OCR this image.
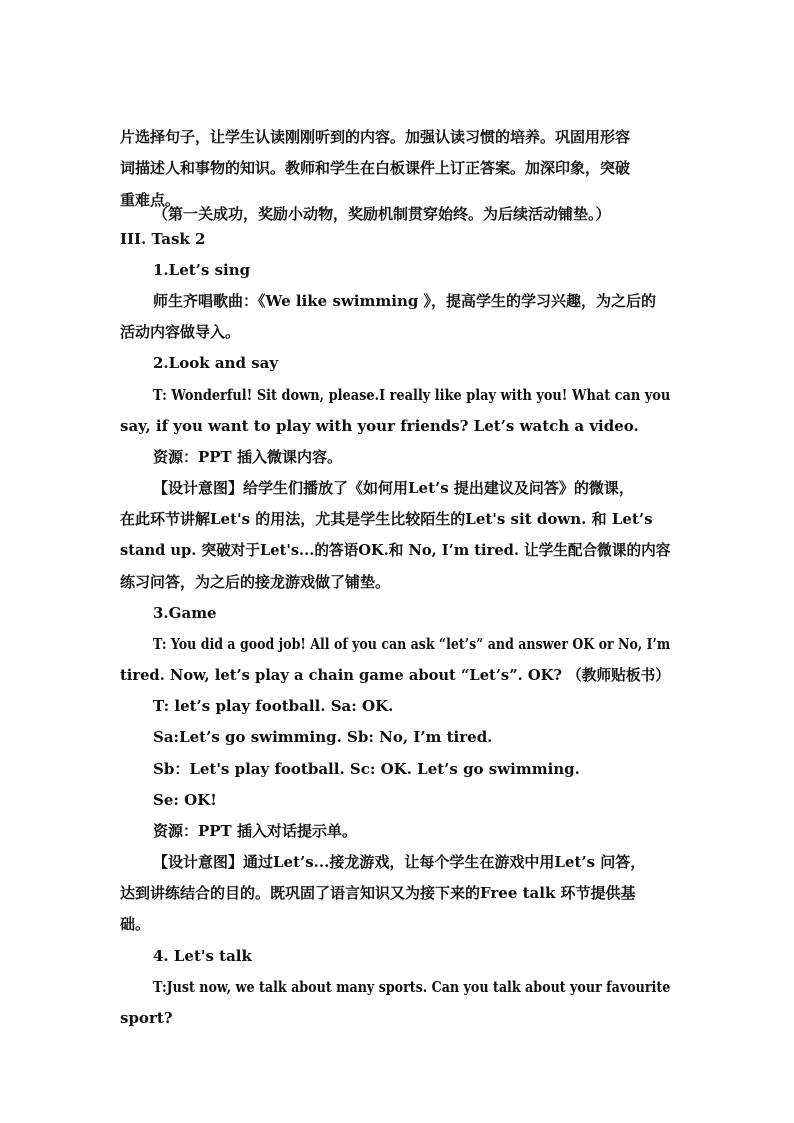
片选择句子，让学生认读刚刚听到的内容。加强认读习惯的培养。巩固用形容
词描述人和事物的知识。教师和学生在白板课件上订正答案。加深印象，突破
重难点。
（第一关成功，奖励小动物，奖励机制贯穿始终。为后续活动铺垫。）
III. Task 2
1.Let’s sing
师生齐唱歌曲：《We like swimming 》，提高学生的学习兴趣，为之后的
活动内容做导入。
2.Look and say
T: Wonderful! Sit down, please.I really like play with you! What can you
say, if you want to play with your friends? Let’s watch a video.
资源：PPT 插入微课内容。
【设计意图】给学生们播放了《如何用Let’s 提出建议及问答》的微课，
在此环节讲解Let's 的用法，尤其是学生比较陌生的Let's sit down. 和 Let’s
stand up. 突破对于Let's...的答语OK.和 No, I’m tired. 让学生配合微课的内容
练习问答，为之后的接龙游戏做了铺垫。
3.Game
T: You did a good job! All of you can ask “let’s” and answer OK or No, I’m
tired. Now, let’s play a chain game about “Let’s”. OK? （教师贴板书）
T: let’s play football. Sa: OK.
Sa:Let’s go swimming. Sb: No, I’m tired.
Sb：Let's play football. Sc: OK. Let’s go swimming.
Se: OK!
资源：PPT 插入对话提示单。
【设计意图】通过Let’s...接龙游戏，让每个学生在游戏中用Let’s 问答，
达到讲练结合的目的。既巩固了语言知识又为接下来的Free talk 环节提供基
础。
4. Let's talk
T:Just now, we talk about many sports. Can you talk about your favourite
sport?
